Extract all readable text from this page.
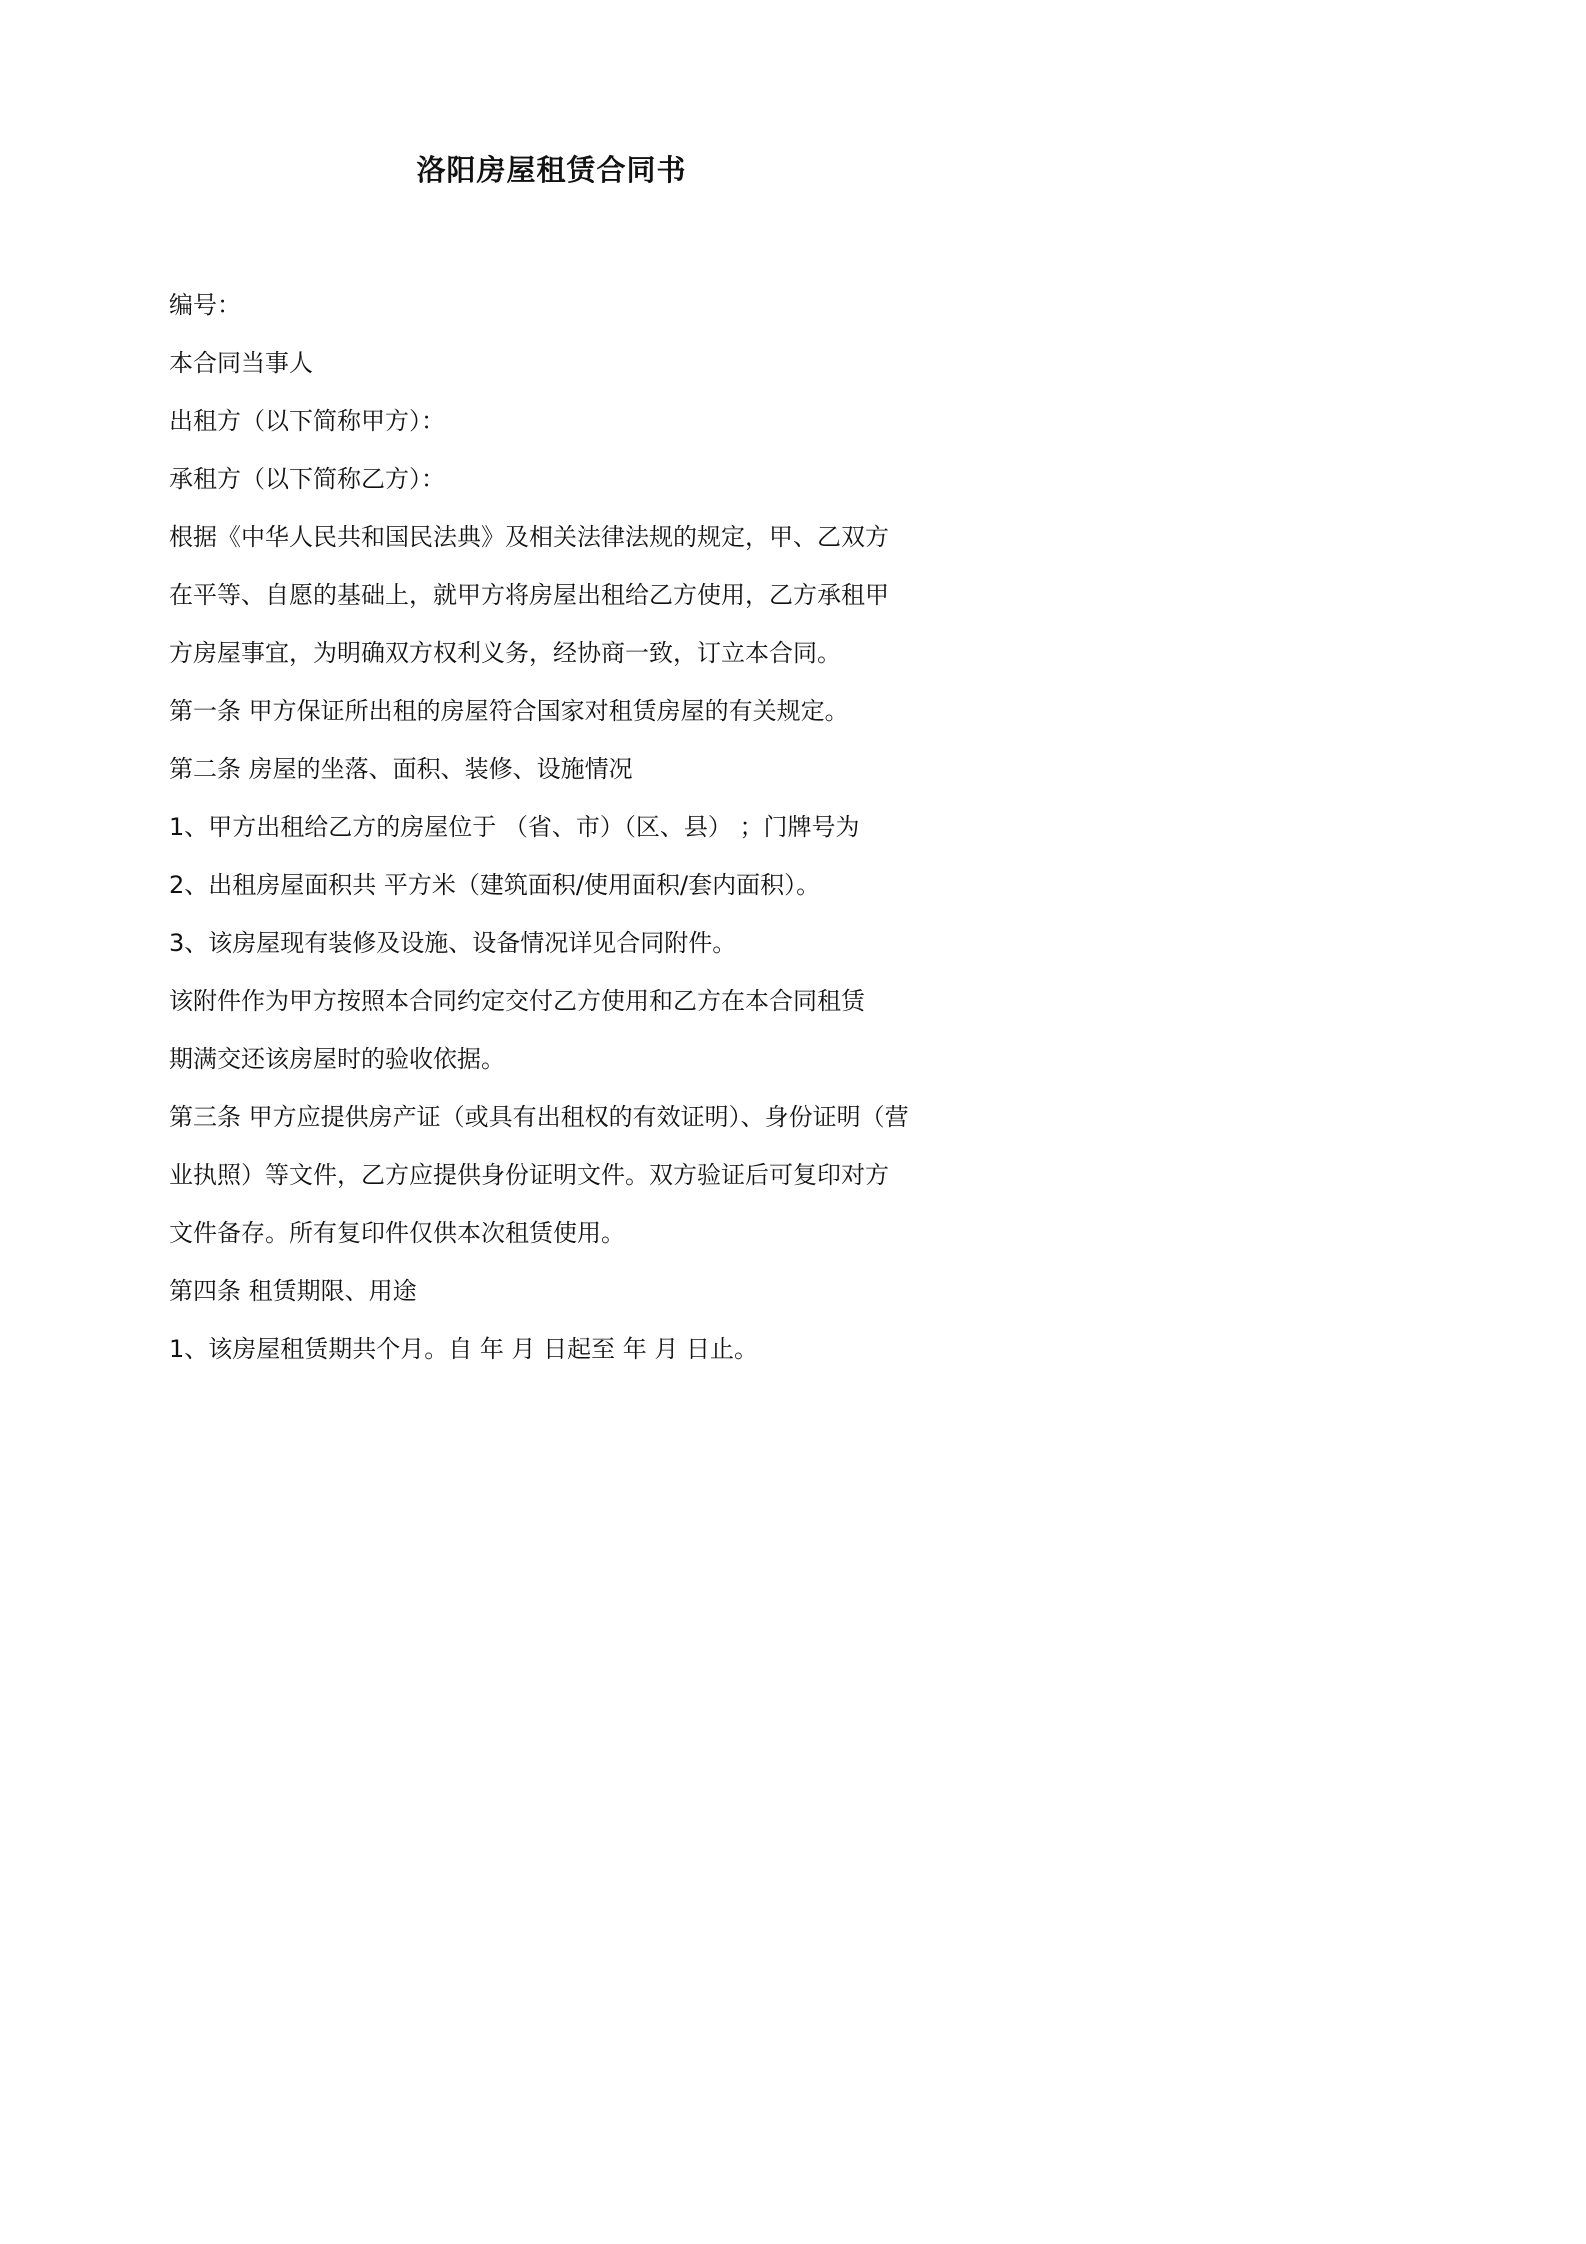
洛阳房屋租赁合同书
编号：
本合同当事人
出租方（以下简称甲方）：
承租方（以下简称乙方）：
根据《中华人民共和国民法典》及相关法律法规的规定，甲、乙双方
在平等、自愿的基础上，就甲方将房屋出租给乙方使用，乙方承租甲
方房屋事宜，为明确双方权利义务，经协商一致，订立本合同。
第一条 甲方保证所出租的房屋符合国家对租赁房屋的有关规定。
第二条 房屋的坐落、面积、装修、设施情况
1、甲方出租给乙方的房屋位于 （省、市）（区、县） ；门牌号为
2、出租房屋面积共 平方米（建筑面积/使用面积/套内面积）。
3、该房屋现有装修及设施、设备情况详见合同附件。
该附件作为甲方按照本合同约定交付乙方使用和乙方在本合同租赁
期满交还该房屋时的验收依据。
第三条 甲方应提供房产证（或具有出租权的有效证明）、身份证明（营
业执照）等文件，乙方应提供身份证明文件。双方验证后可复印对方
文件备存。所有复印件仅供本次租赁使用。
第四条 租赁期限、用途
1、该房屋租赁期共个月。自 年 月 日起至 年 月 日止。
